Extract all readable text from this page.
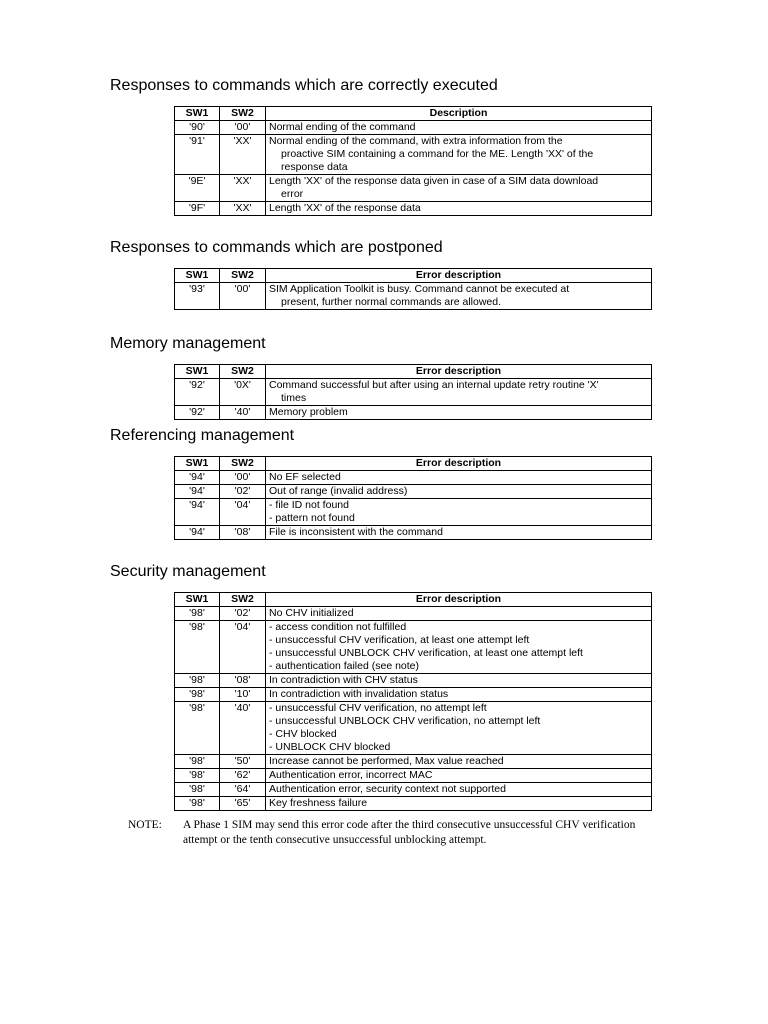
Responses to commands which are correctly executed
SW1	SW2	Description
'90'	'00'	Normal ending of the command

'91'	'XX'	Normal ending of the command, with extra information from the
proactive SIM containing a command for the ME. Length 'XX' of the
response data

'9E'	'XX'	Length 'XX' of the response data given in case of a SIM data download
error

'9F'	'XX'	Length 'XX' of the response data
Responses to commands which are postponed
SW1	SW2	Error description
'93'	'00'	SIM Application Toolkit is busy. Command cannot be executed at
present, further normal commands are allowed.
Memory management
SW1	SW2	Error description
'92'	'0X'	Command successful but after using an internal update retry routine 'X'
times

'92'	'40'	Memory problem
Referencing management
SW1	SW2	Error description
'94'	'00'	No EF selected

'94'	'02'	Out of range (invalid address)

'94'	'04'	- file ID not found
- pattern not found

'94'	'08'	File is inconsistent with the command
Security management
SW1	SW2	Error description
'98'	'02'	No CHV initialized

'98'	'04'	- access condition not fulfilled
- unsuccessful CHV verification, at least one attempt left
- unsuccessful UNBLOCK CHV verification, at least one attempt left
- authentication failed (see note)

'98'	'08'	In contradiction with CHV status

'98'	'10'	In contradiction with invalidation status

'98'	'40'	- unsuccessful CHV verification, no attempt left
- unsuccessful UNBLOCK CHV verification, no attempt left
- CHV blocked
- UNBLOCK CHV blocked

'98'	'50'	Increase cannot be performed, Max value reached

'98'	'62'	Authentication error, incorrect MAC

'98'	'64'	Authentication error, security context not supported

'98'	'65'	Key freshness failure
NOTE: A Phase 1 SIM may send this error code after the third consecutive unsuccessful CHV verification
attempt or the tenth consecutive unsuccessful unblocking attempt.
